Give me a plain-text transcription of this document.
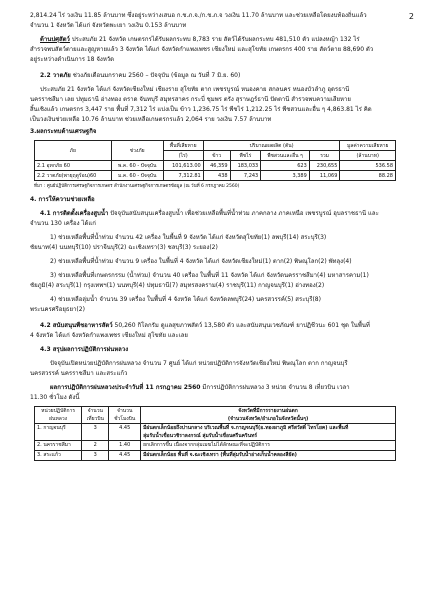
2
2,814.24 ไร่ วงเงิน 11.85 ล้านบาท ซึ่งอยู่ระหว่างเสนอ ก.ช.ภ.จ./ก.ช.ภ.จ วงเงิน 11.70 ล้านบาท และช่วยเหลือโดยงบท้องถิ่นแล้ว
จำนวน 1 จังหวัด ได้แก่ จังหวัดพะเยา วงเงิน 0.153 ล้านบาท
ด้านปศุสัตว์ ประสบภัย 21 จังหวัด เกษตรกรได้รับผลกระทบ 8,783 ราย สัตว์ได้รับผลกระทบ 481,510 ตัว แปลงหญ้า 132 ไร่
สำรวจพบสัตว์ตายและสูญหายแล้ว 3 จังหวัด ได้แก่ จังหวัดกำแพงเพชร เชียงใหม่ และสุโขทัย เกษตรกร 400 ราย สัตว์ตาย 88,690 ตัว
อยู่ระหว่างดำเนินการ 18 จังหวัด
2.2 วาตภัย ช่วงภัยเดือนมกราคม 2560 – ปัจจุบัน (ข้อมูล ณ วันที่ 7 มิ.ย. 60)
ประสบภัย 21 จังหวัด ได้แก่ จังหวัดเชียงใหม่ เชียงราย สุโขทัย ตาก เพชรบูรณ์ หนองคาย สกลนคร หนองบัวลำภู อุดรธานี
นครราชสีมา เลย ปทุมธานี อ่างทอง ตราด จันทบุรี สมุทรสาคร กระบี่ ชุมพร ตรัง สุราษฎร์ธานี ปัตตานี สำรวจพบความเสียหาย
สิ้นเชิงแล้ว เกษตรกร 3,447 ราย พื้นที่ 7,312 ไร่ แบ่งเป็น ข้าว 1,236.75 ไร่ พืชไร่ 1,212.25 ไร่ พืชสวนและอื่น ๆ 4,863.81 ไร่ คิด
เป็นวงเงินช่วยเหลือ 10.76 ล้านบาท ช่วยเหลือเกษตรกรแล้ว 2,064 ราย วงเงิน 7.57 ล้านบาท
3.ผลกระทบด้านเศรษฐกิจ
ภัย	ช่วงภัย	พื้นที่เสียหาย	ปริมาณผลผลิต (ตัน)				มูลค่าความเสียหาย
		(ไร่)	ข้าว	พืชไร่	พืชสวนและอื่น ๆ	รวม	(ล้านบาท)
2.1 อุทกภัย 60	พ.ค. 60 - ปัจจุบัน	101,613.00	46,359	183,033	623	230,655	536.58
2.2 วาตภัย(พายุฤดูร้อน)60	ม.ค. 60 - ปัจจุบัน	7,312.81	438	7,243	3,389	11,069	88.28
ที่มา : ศูนย์ปฏิบัติการเศรษฐกิจการเกษตร สำนักงานเศรษฐกิจการเกษตรข้อมูล (ณ วันที่ 6 กรกฎาคม 2560)
4. การให้ความช่วยเหลือ
4.1 การติดตั้งเครื่องสูบน้ำ ปัจจุบันสนับสนุนเครื่องสูบน้ำ เพื่อช่วยเหลือพื้นที่น้ำท่วม ภาคกลาง ภาคเหนือ เพชรบูรณ์ อุบลราชธานี และ
จำนวน 130 เครื่อง ได้แก่
1) ช่วยเหลือพื้นที่น้ำท่วม จำนวน 42 เครื่อง ในพื้นที่ 9 จังหวัด ได้แก่ จังหวัดสุโขทัย(1) ลพบุรี(14) สระบุรี(3)
ชัยนาท(4) นนทบุรี(10) ปราจีนบุรี(2) ฉะเชิงเทรา(3) ชลบุรี(3) ระยอง(2)
2) ช่วยเหลือพื้นที่น้ำท่วม จำนวน 9 เครื่อง ในพื้นที่ 4 จังหวัด ได้แก่ จังหวัดเชียงใหม่(1) ตาก(2) พิษณุโลก(2) พัทลุง(4)
3) ช่วยเหลือพื้นที่เกษตรกรรม (น้ำท่วม) จำนวน 40 เครื่อง ในพื้นที่ 11 จังหวัด ได้แก่ จังหวัดนครราชสีมา(4) มหาสารคาม(1)
ชัยภูมิ(4) สระบุรี(1) กรุงเทพฯ(1) นนทบุรี(4) ปทุมธานี(7) สมุทรสงคราม(4) ราชบุรี(11) กาญจนบุรี(1) อ่างทอง(2)
4) ช่วยเหลือลุ่มน้ำ จำนวน 39 เครื่อง ในพื้นที่ 4 จังหวัด ได้แก่ จังหวัดลพบุรี(24) นครสวรรค์(5) สระบุรี(8)
พระนครศรีอยุธยา(2)
4.2 สนับสนุนพืชอาหารสัตว์ 50,260 กิโลกรัม ดูแลสุขภาพสัตว์ 13,580 ตัว และสนับสนุนเวชภัณฑ์ ยาปฏิชีวนะ 601 ชุด ในพื้นที่
4 จังหวัด ได้แก่ จังหวัดกำแพงเพชร เชียงใหม่ สุโขทัย และเลย
4.3 สรุปผลการปฏิบัติการฝนหลวง
ปัจจุบันเปิดหน่วยปฏิบัติการฝนหลวง จำนวน 7 ศูนย์ ได้แก่ หน่วยปฏิบัติการจังหวัดเชียงใหม่ พิษณุโลก ตาก กาญจนบุรี
นครสวรรค์ นครราชสีมา และสระแก้ว
ผลการปฏิบัติการฝนหลวงประจำวันที่ 11 กรกฎาคม 2560 มีการปฏิบัติการฝนหลวง 3 หน่วย จำนวน 8 เที่ยวบิน เวลา
11.30 ชั่วโมง ดังนี้
หน่วยปฏิบัติการ
ฝนหลวง	จำนวน
เที่ยวบิน	จำนวน
ชั่วโมงบิน	จังหวัดที่มีการรายงานฝนตก
(จำนวนจังหวัด/อำเภอในจังหวัดนั้นๆ)
1. กาญจนบุรี	3	4.45	มีฝนตกเล็กน้อยถึงปานกลาง บริเวณพื้นที่ จ.กาญจนบุรี(อ.ทองผาภูมิ ศรีสวัสดิ์ ไทรโยค) และพื้นที่
ลุ่มรับน้ำเขื่อนวชิราลงกรณ์ ลุ่มรับน้ำเขื่อนศรีนครินทร์
2. นครราชสีมา	2	1.40	ยกเลิกการขึ้น เนื่องจากกลุ่มเมฆไม่ได้ลักษณะที่จะปฏิบัติการ
3. สระแก้ว	3	4.45	มีฝนตกเล็กน้อย พื้นที่ จ.ฉะเชิงเทรา (พื้นที่ลุ่มรับน้ำอ่างเก็บน้ำคลองสียัด)
